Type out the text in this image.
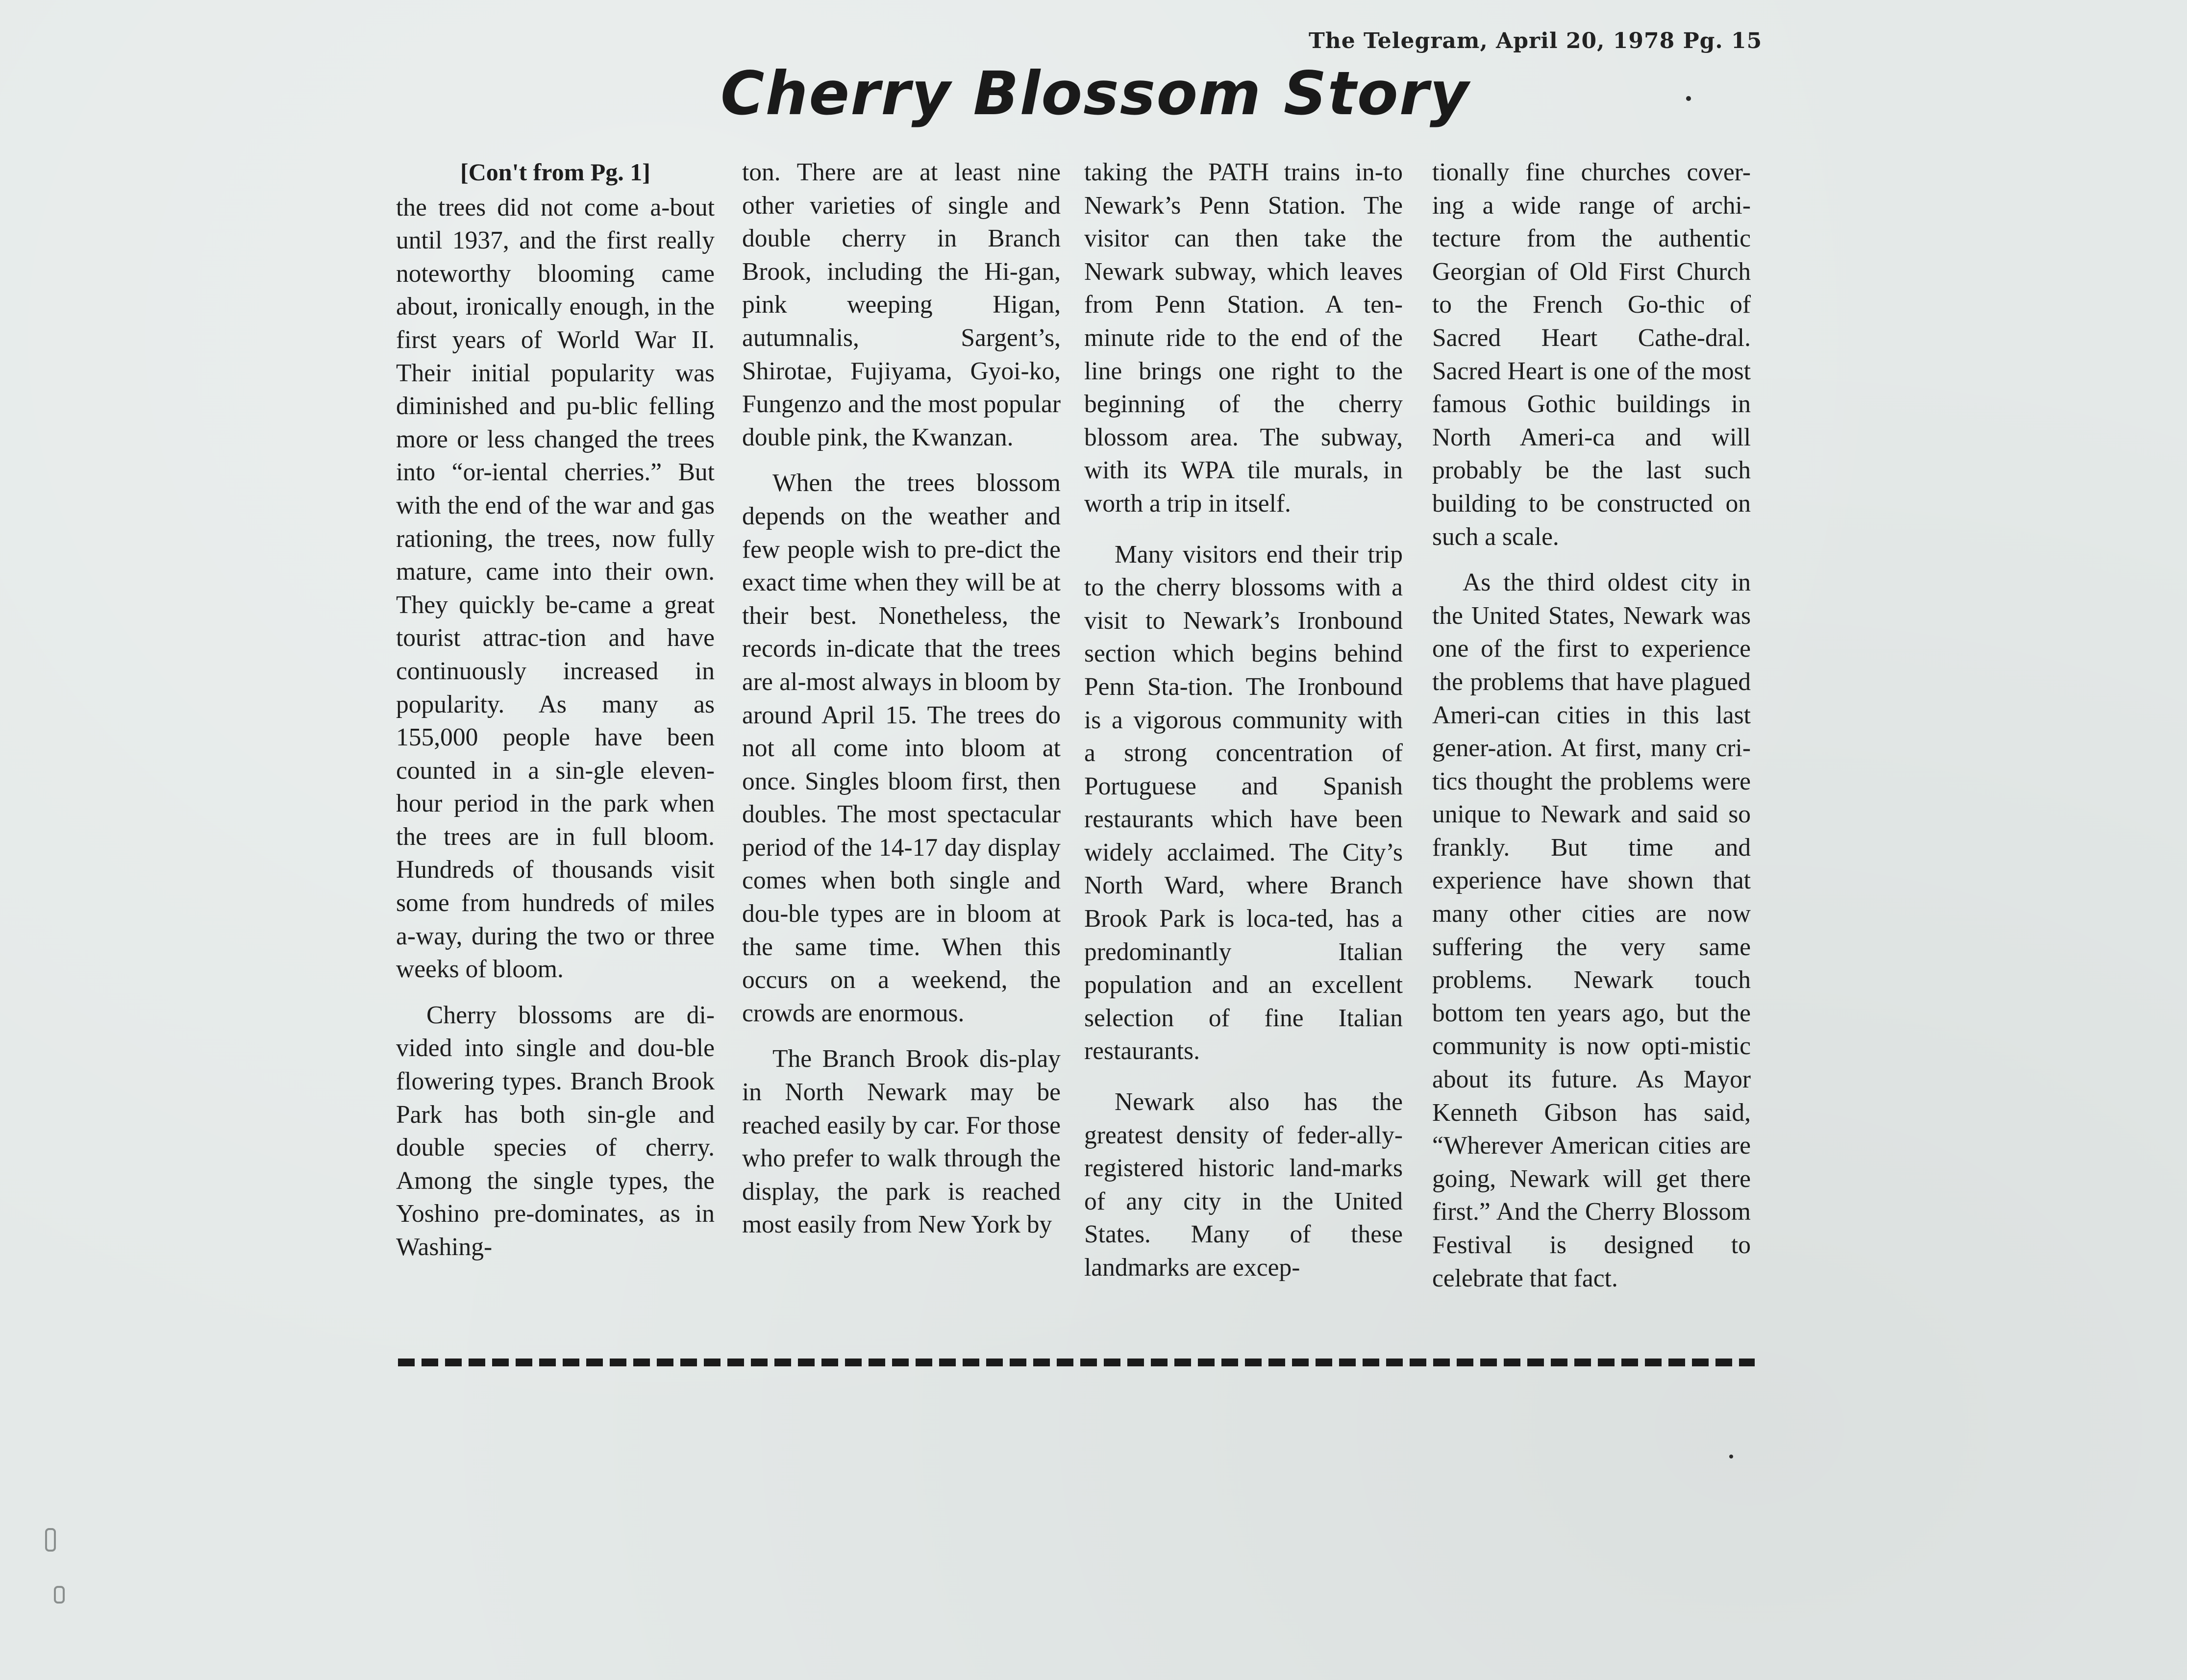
The Telegram, April 20, 1978 Pg. 15
Cherry Blossom Story
[Con't from Pg. 1]

the trees did not come a-bout until 1937, and the first really noteworthy blooming came about, ironically enough, in the first years of World War II. Their initial popularity was diminished and pu-blic felling more or less changed the trees into “or-iental cherries.” But with the end of the war and gas rationing, the trees, now fully mature, came into their own. They quickly be-came a great tourist attrac-tion and have continuously increased in popularity. As many as 155,000 people have been counted in a sin-gle eleven-hour period in the park when the trees are in full bloom. Hundreds of thousands visit some from hundreds of miles a-way, during the two or three weeks of bloom.

Cherry blossoms are di-vided into single and dou-ble flowering types. Branch Brook Park has both sin-gle and double species of cherry. Among the single types, the Yoshino pre-dominates, as in Washing-

ton. There are at least nine other varieties of single and double cherry in Branch Brook, including the Hi-gan, pink weeping Higan, autumnalis, Sargent’s, Shirotae, Fujiyama, Gyoi-ko, Fungenzo and the most popular double pink, the Kwanzan.

When the trees blossom depends on the weather and few people wish to pre-dict the exact time when they will be at their best. Nonetheless, the records in-dicate that the trees are al-most always in bloom by around April 15. The trees do not all come into bloom at once. Singles bloom first, then doubles. The most spectacular period of the 14-17 day display comes when both single and dou-ble types are in bloom at the same time. When this occurs on a weekend, the crowds are enormous.

The Branch Brook dis-play in North Newark may be reached easily by car. For those who prefer to walk through the display, the park is reached most easily from New York by

taking the PATH trains in-to Newark’s Penn Station. The visitor can then take the Newark subway, which leaves from Penn Station. A ten-minute ride to the end of the line brings one right to the beginning of the cherry blossom area. The subway, with its WPA tile murals, in worth a trip in itself.

Many visitors end their trip to the cherry blossoms with a visit to Newark’s Ironbound section which begins behind Penn Sta-tion. The Ironbound is a vigorous community with a strong concentration of Portuguese and Spanish restaurants which have been widely acclaimed. The City’s North Ward, where Branch Brook Park is loca-ted, has a predominantly Italian population and an excellent selection of fine Italian restaurants.

Newark also has the greatest density of feder-ally-registered historic land-marks of any city in the United States. Many of these landmarks are excep-

tionally fine churches cover-ing a wide range of archi-tecture from the authentic Georgian of Old First Church to the French Go-thic of Sacred Heart Cathe-dral. Sacred Heart is one of the most famous Gothic buildings in North Ameri-ca and will probably be the last such building to be constructed on such a scale.

As the third oldest city in the United States, Newark was one of the first to experience the problems that have plagued Ameri-can cities in this last gener-ation. At first, many cri-tics thought the problems were unique to Newark and said so frankly. But time and experience have shown that many other cities are now suffering the very same problems. Newark touch bottom ten years ago, but the community is now opti-mistic about its future. As Mayor Kenneth Gibson has said, “Wherever American cities are going, Newark will get there first.” And the Cherry Blossom Festival is designed to celebrate that fact.
